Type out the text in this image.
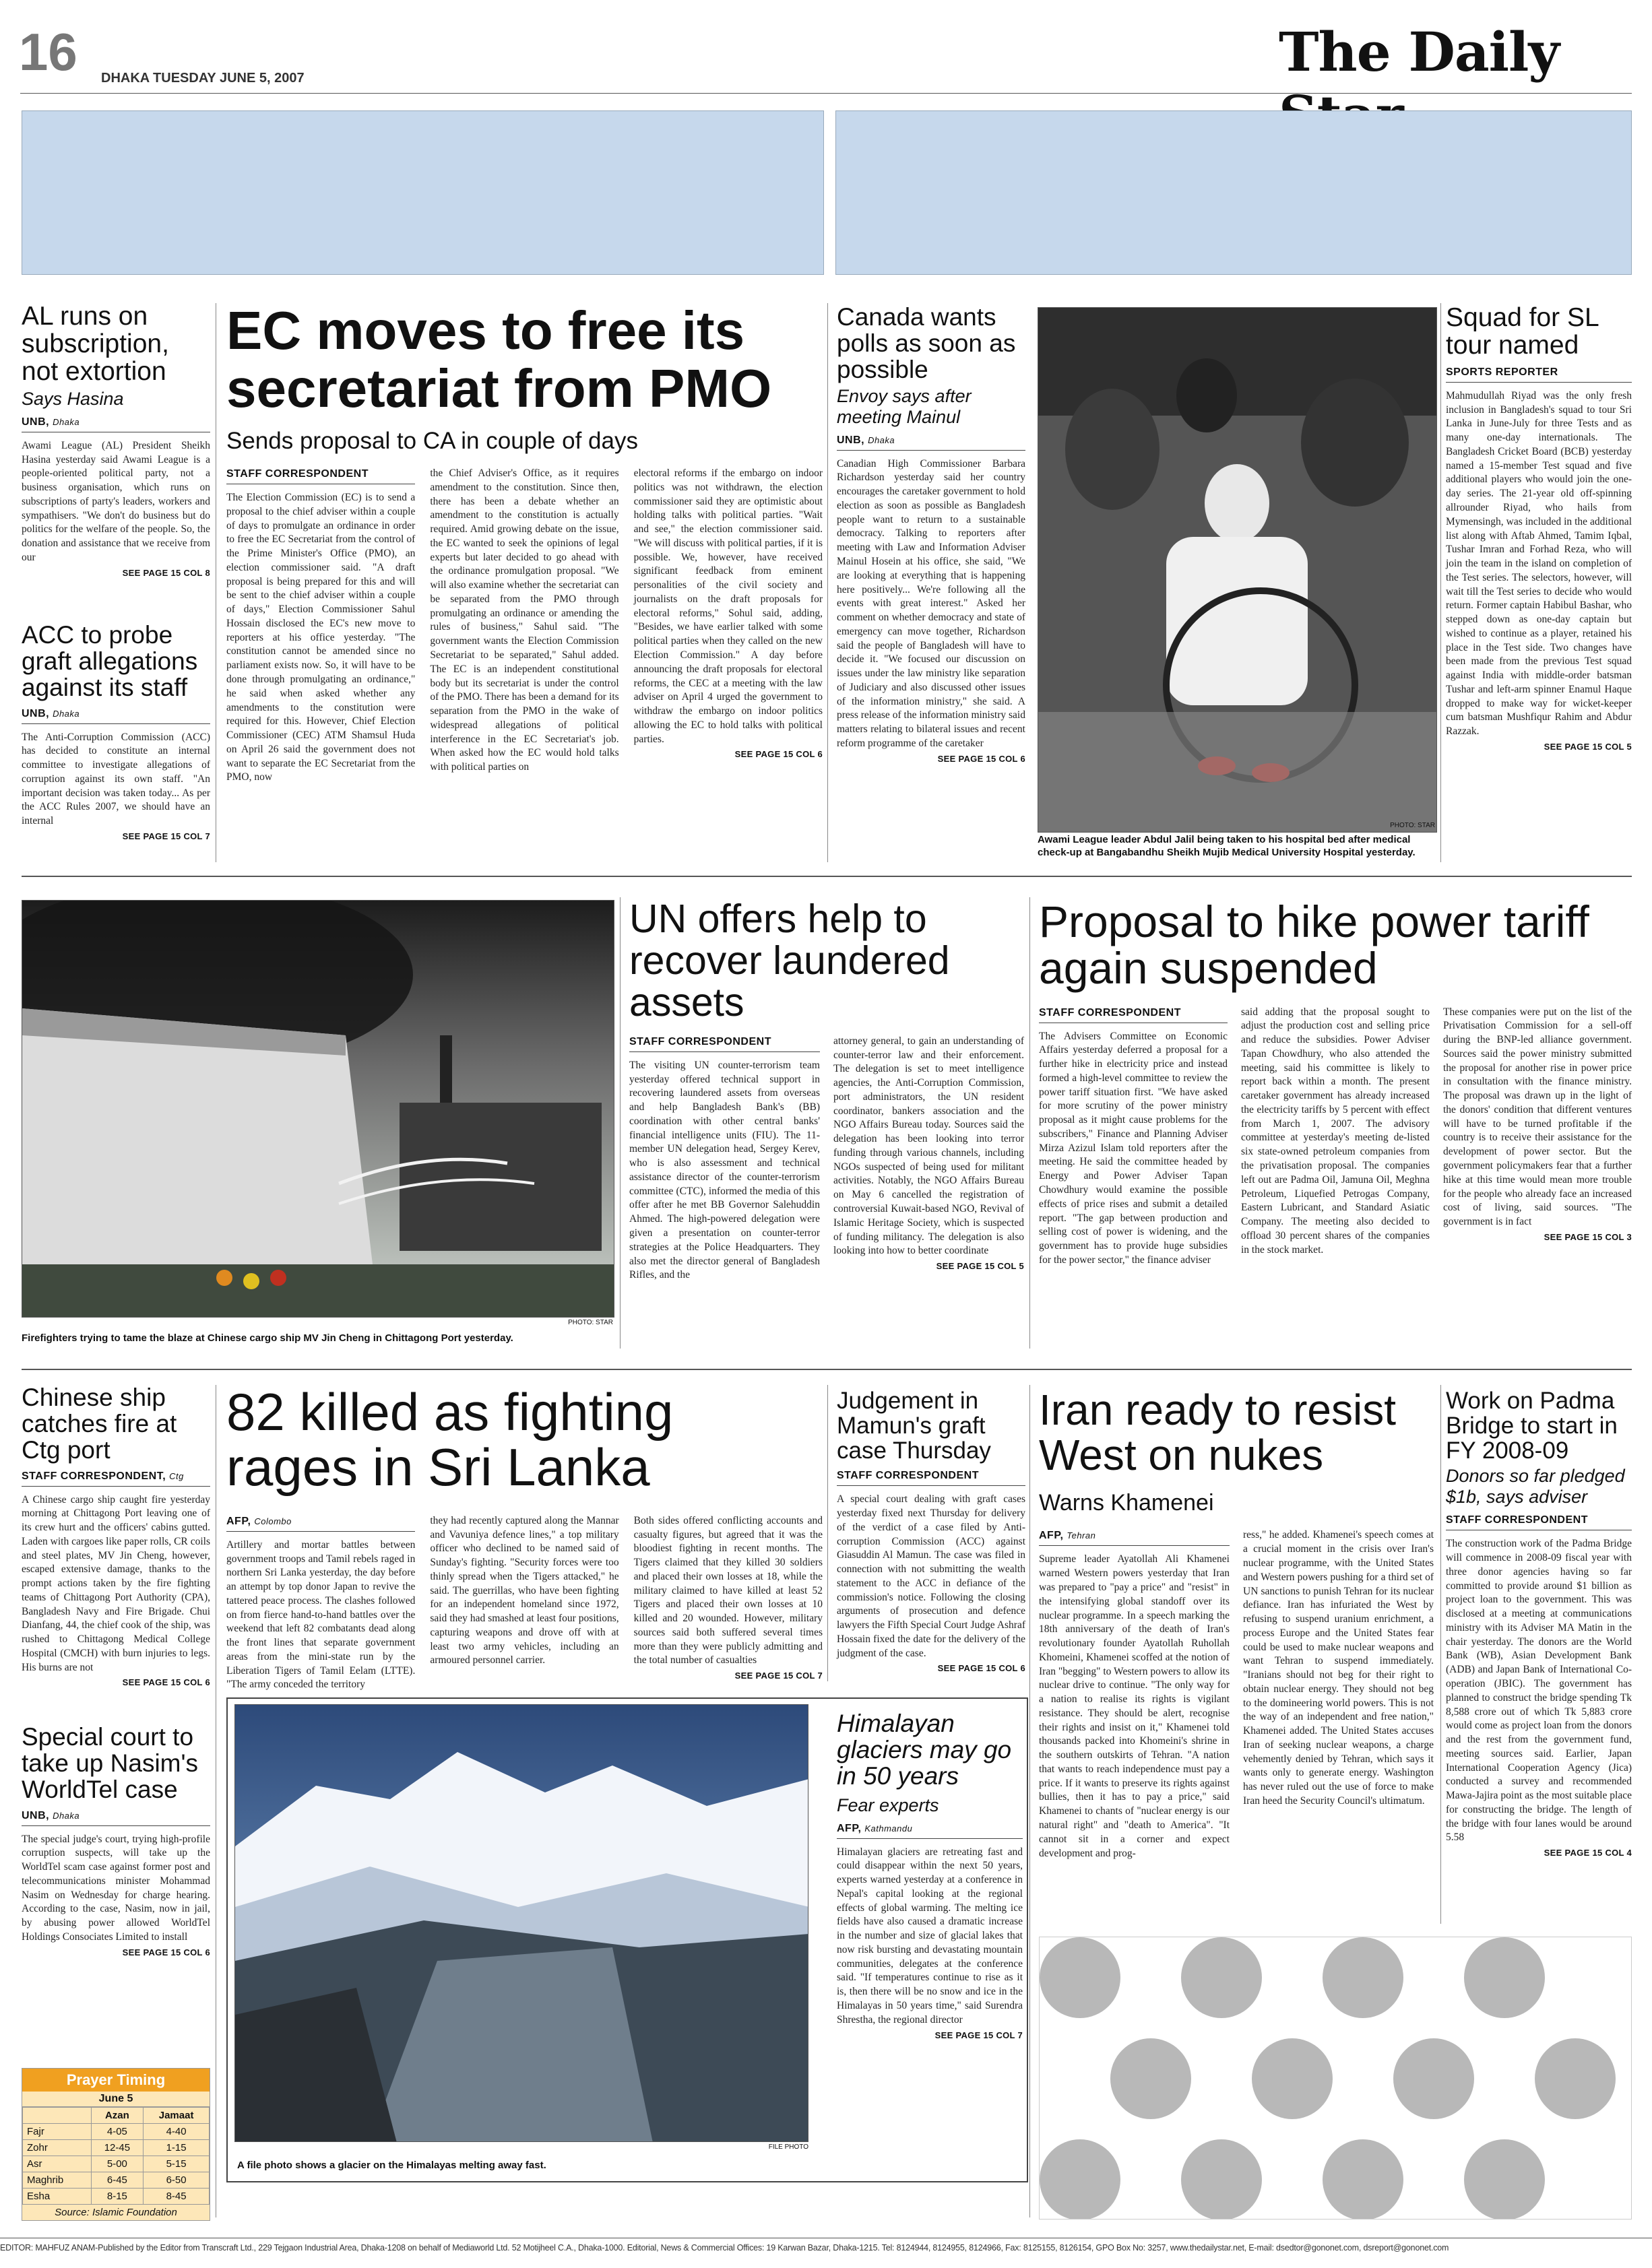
16 DHAKA TUESDAY JUNE 5, 2007	The Daily
AL runs on subscription, not extortion
Says Hasina
UNB, Dhaka
Awami League (AL) President Sheikh Hasina yesterday said Awami League is a people-oriented political party, not a business organisation, which runs on subscriptions of party's leaders, workers and sympathisers. "We don't do business but do politics for the welfare of the people. So, the donation and assistance that we receive from our
SEE PAGE 15 COL 8
ACC to probe graft allegations against its staff
UNB, Dhaka
The Anti-Corruption Commission (ACC) has decided to constitute an internal committee to investigate allegations of corruption against its own staff. "An important decision was taken today... As per the ACC Rules 2007, we should have an internal
SEE PAGE 15 COL 7
EC moves to free its secretariat from PMO
Sends proposal to CA in couple of days
STAFF CORRESPONDENT
The Election Commission (EC) is to send a proposal to the chief adviser within a couple of days to promulgate an ordinance in order to free the EC Secretariat from the control of the Prime Minister's Office (PMO), an election commissioner said. "A draft proposal is being prepared for this and will be sent to the chief adviser within a couple of days," Election Commissioner Sahul Hossain disclosed the EC's new move to reporters at his office yesterday. "The constitution cannot be amended since no parliament exists now. So, it will have to be done through promulgating an ordinance," he said when asked whether any amendments to the constitution were required for this. However, Chief Election Commissioner (CEC) ATM Shamsul Huda on April 26 said the government does not want to separate the EC Secretariat from the PMO, now
the Chief Adviser's Office, as it requires amendment to the constitution. Since then, there has been a debate whether an amendment to the constitution is actually required. Amid growing debate on the issue, the EC wanted to seek the opinions of legal experts but later decided to go ahead with the ordinance promulgation proposal. "We will also examine whether the secretariat can be separated from the PMO through promulgating an ordinance or amending the rules of business," Sahul said. "The government wants the Election Commission Secretariat to be separated," Sahul added. The EC is an independent constitutional body but its secretariat is under the control of the PMO. There has been a demand for its separation from the PMO in the wake of widespread allegations of political interference in the EC Secretariat's job. When asked how the EC would hold talks with political parties on
electoral reforms if the embargo on indoor politics was not withdrawn, the election commissioner said they are optimistic about holding talks with political parties. "Wait and see," the election commissioner said. "We will discuss with political parties, if it is possible. We, however, have received significant feedback from eminent personalities of the civil society and journalists on the draft proposals for electoral reforms," Sohul said, adding, "Besides, we have earlier talked with some political parties when they called on the new Election Commission." A day before announcing the draft proposals for electoral reforms, the CEC at a meeting with the law adviser on April 4 urged the government to withdraw the embargo on indoor politics allowing the EC to hold talks with political parties.
SEE PAGE 15 COL 6
Canada wants polls as soon as possible
Envoy says after meeting Mainul
UNB, Dhaka
Canadian High Commissioner Barbara Richardson yesterday said her country encourages the caretaker government to hold election as soon as possible as Bangladesh people want to return to a sustainable democracy. Talking to reporters after meeting with Law and Information Adviser Mainul Hosein at his office, she said, "We are looking at everything that is happening here positively... We're following all the events with great interest." Asked her comment on whether democracy and state of emergency can move together, Richardson said the people of Bangladesh will have to decide it. "We focused our discussion on issues under the law ministry like separation of Judiciary and also discussed other issues of the information ministry," she said. A press release of the information ministry said matters relating to bilateral issues and recent reform programme of the caretaker
SEE PAGE 15 COL 6
PHOTO: STAR
Awami League leader Abdul Jalil being taken to his hospital bed after medical check-up at Bangabandhu Sheikh Mujib Medical University Hospital yesterday.
Squad for SL tour named
SPORTS REPORTER
Mahmudullah Riyad was the only fresh inclusion in Bangladesh's squad to tour Sri Lanka in June-July for three Tests and as many one-day internationals. The Bangladesh Cricket Board (BCB) yesterday named a 15-member Test squad and five additional players who would join the one-day series. The 21-year old off-spinning allrounder Riyad, who hails from Mymensingh, was included in the additional list along with Aftab Ahmed, Tamim Iqbal, Tushar Imran and Forhad Reza, who will join the team in the island on completion of the Test series. The selectors, however, will wait till the Test series to decide who would return. Former captain Habibul Bashar, who stepped down as one-day captain but wished to continue as a player, retained his place in the Test side. Two changes have been made from the previous Test squad against India with middle-order batsman Tushar and left-arm spinner Enamul Haque dropped to make way for wicket-keeper cum batsman Mushfiqur Rahim and Abdur Razzak.
SEE PAGE 15 COL 5
PHOTO: STAR
Firefighters trying to tame the blaze at Chinese cargo ship MV Jin Cheng in Chittagong Port yesterday.
UN offers help to recover laundered assets
STAFF CORRESPONDENT
The visiting UN counter-terrorism team yesterday offered technical support in recovering laundered assets from overseas and help Bangladesh Bank's (BB) coordination with other central banks' financial intelligence units (FIU). The 11-member UN delegation head, Sergey Kerev, who is also assessment and technical assistance director of the counter-terrorism committee (CTC), informed the media of this offer after he met BB Governor Salehuddin Ahmed. The high-powered delegation were given a presentation on counter-terror strategies at the Police Headquarters. They also met the director general of Bangladesh Rifles, and the
attorney general, to gain an understanding of counter-terror law and their enforcement. The delegation is set to meet intelligence agencies, the Anti-Corruption Commission, port administrators, the UN resident coordinator, bankers association and the NGO Affairs Bureau today. Sources said the delegation has been looking into terror funding through various channels, including NGOs suspected of being used for militant activities. Notably, the NGO Affairs Bureau on May 6 cancelled the registration of controversial Kuwait-based NGO, Revival of Islamic Heritage Society, which is suspected of funding militancy. The delegation is also looking into how to better coordinate
SEE PAGE 15 COL 5
Proposal to hike power tariff again suspended
STAFF CORRESPONDENT
The Advisers Committee on Economic Affairs yesterday deferred a proposal for a further hike in electricity price and instead formed a high-level committee to review the power tariff situation first. "We have asked for more scrutiny of the power ministry proposal as it might cause problems for the subscribers," Finance and Planning Adviser Mirza Azizul Islam told reporters after the meeting. He said the committee headed by Energy and Power Adviser Tapan Chowdhury would examine the possible effects of price rises and submit a detailed report. "The gap between production and selling cost of power is widening, and the government has to provide huge subsidies for the power sector," the finance adviser
said adding that the proposal sought to adjust the production cost and selling price and reduce the subsidies. Power Adviser Tapan Chowdhury, who also attended the meeting, said his committee is likely to report back within a month. The present caretaker government has already increased the electricity tariffs by 5 percent with effect from March 1, 2007. The advisory committee at yesterday's meeting de-listed six state-owned petroleum companies from the privatisation proposal. The companies left out are Padma Oil, Jamuna Oil, Meghna Petroleum, Liquefied Petrogas Company, Eastern Lubricant, and Standard Asiatic Company. The meeting also decided to offload 30 percent shares of the companies in the stock market.
These companies were put on the list of the Privatisation Commission for a sell-off during the BNP-led alliance government. Sources said the power ministry submitted the proposal for another rise in power price in consultation with the finance ministry. The proposal was drawn up in the light of the donors' condition that different ventures will have to be turned profitable if the country is to receive their assistance for the development of power sector. But the government policymakers fear that a further hike at this time would mean more trouble for the people who already face an increased cost of living, said sources. "The government is in fact
SEE PAGE 15 COL 3
Chinese ship catches fire at Ctg port
STAFF CORRESPONDENT, Ctg
A Chinese cargo ship caught fire yesterday morning at Chittagong Port leaving one of its crew hurt and the officers' cabins gutted. Laden with cargoes like paper rolls, CR coils and steel plates, MV Jin Cheng, however, escaped extensive damage, thanks to the prompt actions taken by the fire fighting teams of Chittagong Port Authority (CPA), Bangladesh Navy and Fire Brigade. Chui Dianfang, 44, the chief cook of the ship, was rushed to Chittagong Medical College Hospital (CMCH) with burn injuries to legs. His burns are not
SEE PAGE 15 COL 6
Special court to take up Nasim's WorldTel case
UNB, Dhaka
The special judge's court, trying high-profile corruption suspects, will take up the WorldTel scam case against former post and telecommunications minister Mohammad Nasim on Wednesday for charge hearing. According to the case, Nasim, now in jail, by abusing power allowed WorldTel Holdings Consociates Limited to install
SEE PAGE 15 COL 6
Prayer Timing
June 5
	Azan	Jamaat
Fajr	4-05	4-40
Zohr	12-45	1-15
Asr	5-00	5-15
Maghrib	6-45	6-50
Esha	8-15	8-45
Source: Islamic Foundation
82 killed as fighting rages in Sri Lanka
AFP, Colombo
Artillery and mortar battles between government troops and Tamil rebels raged in northern Sri Lanka yesterday, the day before an attempt by top donor Japan to revive the tattered peace process. The clashes followed on from fierce hand-to-hand battles over the weekend that left 82 combatants dead along the front lines that separate government areas from the mini-state run by the Liberation Tigers of Tamil Eelam (LTTE). "The army conceded the territory
they had recently captured along the Mannar and Vavuniya defence lines," a top military officer who declined to be named said of Sunday's fighting. "Security forces were too thinly spread when the Tigers attacked," he said. The guerrillas, who have been fighting for an independent homeland since 1972, said they had smashed at least four positions, capturing weapons and drove off with at least two army vehicles, including an armoured personnel carrier.
Both sides offered conflicting accounts and casualty figures, but agreed that it was the bloodiest fighting in recent months. The Tigers claimed that they killed 30 soldiers and placed their own losses at 18, while the military claimed to have killed at least 52 Tigers and placed their own losses at 10 killed and 20 wounded. However, military sources said both suffered several times more than they were publicly admitting and the total number of casualties
SEE PAGE 15 COL 7
Judgement in Mamun's graft case Thursday
STAFF CORRESPONDENT
A special court dealing with graft cases yesterday fixed next Thursday for delivery of the verdict of a case filed by Anti-corruption Commission (ACC) against Giasuddin Al Mamun. The case was filed in connection with not submitting the wealth statement to the ACC in defiance of the commission's notice. Following the closing arguments of prosecution and defence lawyers the Fifth Special Court Judge Ashraf Hossain fixed the date for the delivery of the judgment of the case.
SEE PAGE 15 COL 6
Iran ready to resist West on nukes
Warns Khamenei
AFP, Tehran
Supreme leader Ayatollah Ali Khamenei warned Western powers yesterday that Iran was prepared to "pay a price" and "resist" in the intensifying global standoff over its nuclear programme. In a speech marking the 18th anniversary of the death of Iran's revolutionary founder Ayatollah Ruhollah Khomeini, Khamenei scoffed at the notion of Iran "begging" to Western powers to allow its nuclear drive to continue. "The only way for a nation to realise its rights is vigilant resistance. They should be alert, recognise their rights and insist on it," Khamenei told thousands packed into Khomeini's shrine in the southern outskirts of Tehran. "A nation that wants to reach independence must pay a price. If it wants to preserve its rights against bullies, then it has to pay a price," said Khamenei to chants of "nuclear energy is our natural right" and "death to America". "It cannot sit in a corner and expect development and prog-
ress," he added. Khamenei's speech comes at a crucial moment in the crisis over Iran's nuclear programme, with the United States and Western powers pushing for a third set of UN sanctions to punish Tehran for its nuclear defiance. Iran has infuriated the West by refusing to suspend uranium enrichment, a process Europe and the United States fear could be used to make nuclear weapons and want Tehran to suspend immediately. "Iranians should not beg for their right to obtain nuclear energy. They should not beg to the domineering world powers. This is not the way of an independent and free nation," Khamenei added. The United States accuses Iran of seeking nuclear weapons, a charge vehemently denied by Tehran, which says it wants only to generate energy. Washington has never ruled out the use of force to make Iran heed the Security Council's ultimatum.
Work on Padma Bridge to start in FY 2008-09
Donors so far pledged $1b, says adviser
STAFF CORRESPONDENT
The construction work of the Padma Bridge will commence in 2008-09 fiscal year with three donor agencies having so far committed to provide around $1 billion as project loan to the government. This was disclosed at a meeting at communications ministry with its Adviser MA Matin in the chair yesterday. The donors are the World Bank (WB), Asian Development Bank (ADB) and Japan Bank of International Co-operation (JBIC). The government has planned to construct the bridge spending Tk 8,588 crore out of which Tk 5,883 crore would come as project loan from the donors and the rest from the government fund, meeting sources said. Earlier, Japan International Cooperation Agency (Jica) conducted a survey and recommended Mawa-Jajira point as the most suitable place for constructing the bridge. The length of the bridge with four lanes would be around 5.58
SEE PAGE 15 COL 4
FILE PHOTO
A file photo shows a glacier on the Himalayas melting away fast.
Himalayan glaciers may go in 50 years
Fear experts
AFP, Kathmandu
Himalayan glaciers are retreating fast and could disappear within the next 50 years, experts warned yesterday at a conference in Nepal's capital looking at the regional effects of global warming. The melting ice fields have also caused a dramatic increase in the number and size of glacial lakes that now risk bursting and devastating mountain communities, delegates at the conference said. "If temperatures continue to rise as it is, then there will be no snow and ice in the Himalayas in 50 years time," said Surendra Shrestha, the regional director
SEE PAGE 15 COL 7
EDITOR: MAHFUZ ANAM-Published by the Editor from Transcraft Ltd., 229 Tejgaon Industrial Area, Dhaka-1208 on behalf of Mediaworld Ltd. 52 Motijheel C.A., Dhaka-1000. Editorial, News & Commercial Offices: 19 Karwan Bazar, Dhaka-1215. Tel: 8124944, 8124955, 8124966, Fax: 8125155, 8126154, GPO Box No: 3257, www.thedailystar.net, E-mail: dsedtor@gononet.com, dsreport@gononet.com
